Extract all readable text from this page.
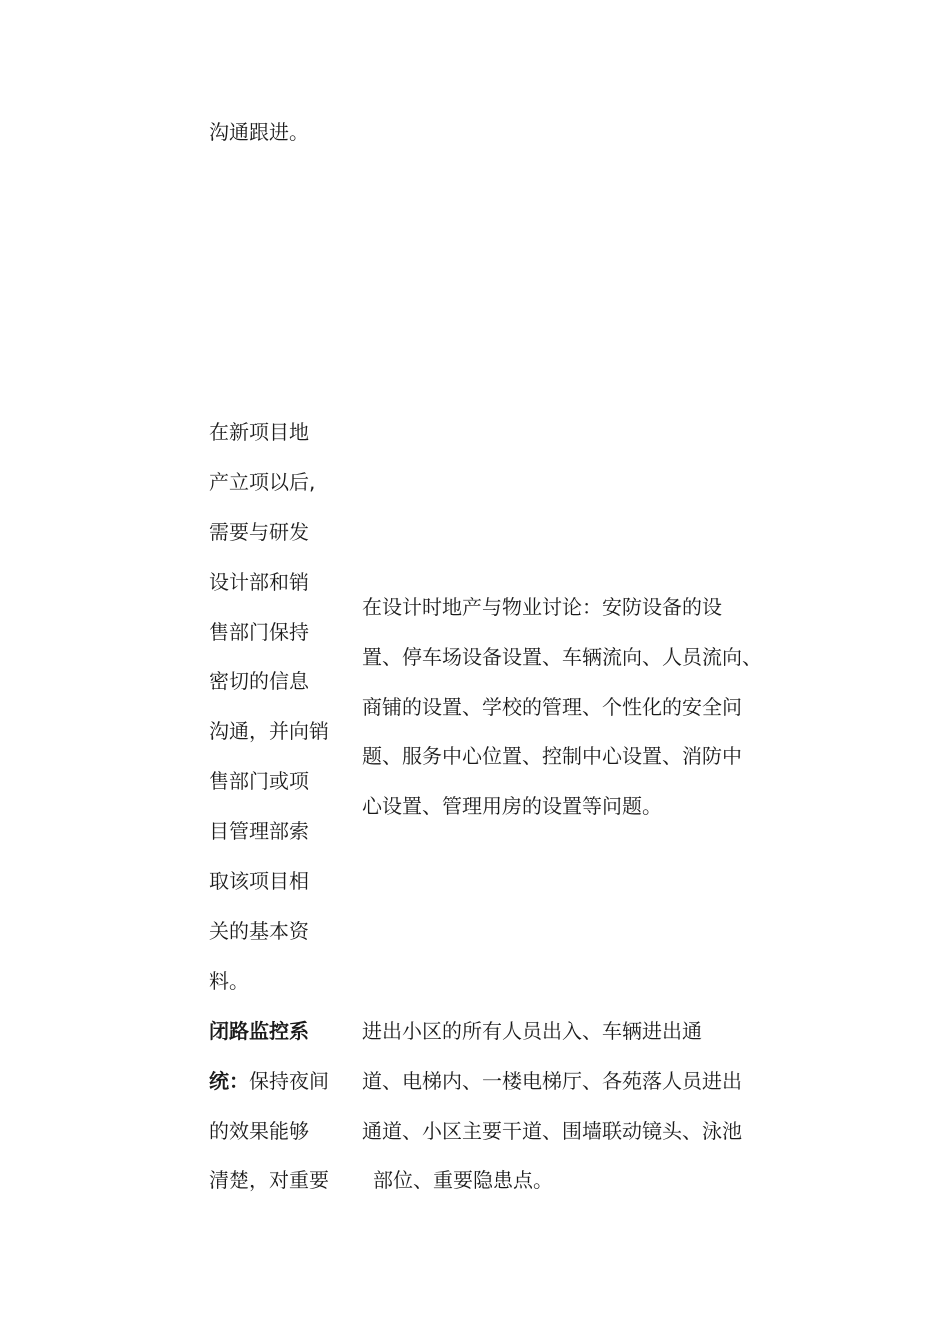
沟通跟进。
在新项目地
产立项以后,
需要与研发
设计部和销
售部门保持
密切的信息
沟通，并向销
售部门或项
目管理部索
取该项目相
关的基本资
料。
在设计时地产与物业讨论：安防设备的设
置、停车场设备设置、车辆流向、人员流向、
商铺的设置、学校的管理、个性化的安全问
题、服务中心位置、控制中心设置、消防中
心设置、管理用房的设置等问题。
闭路监控系
统：保持夜间
的效果能够
清楚，对重要
进出小区的所有人员出入、车辆进出通
道、电梯内、一楼电梯厅、各苑落人员进出
通道、小区主要干道、围墙联动镜头、泳池
部位、重要隐患点。
